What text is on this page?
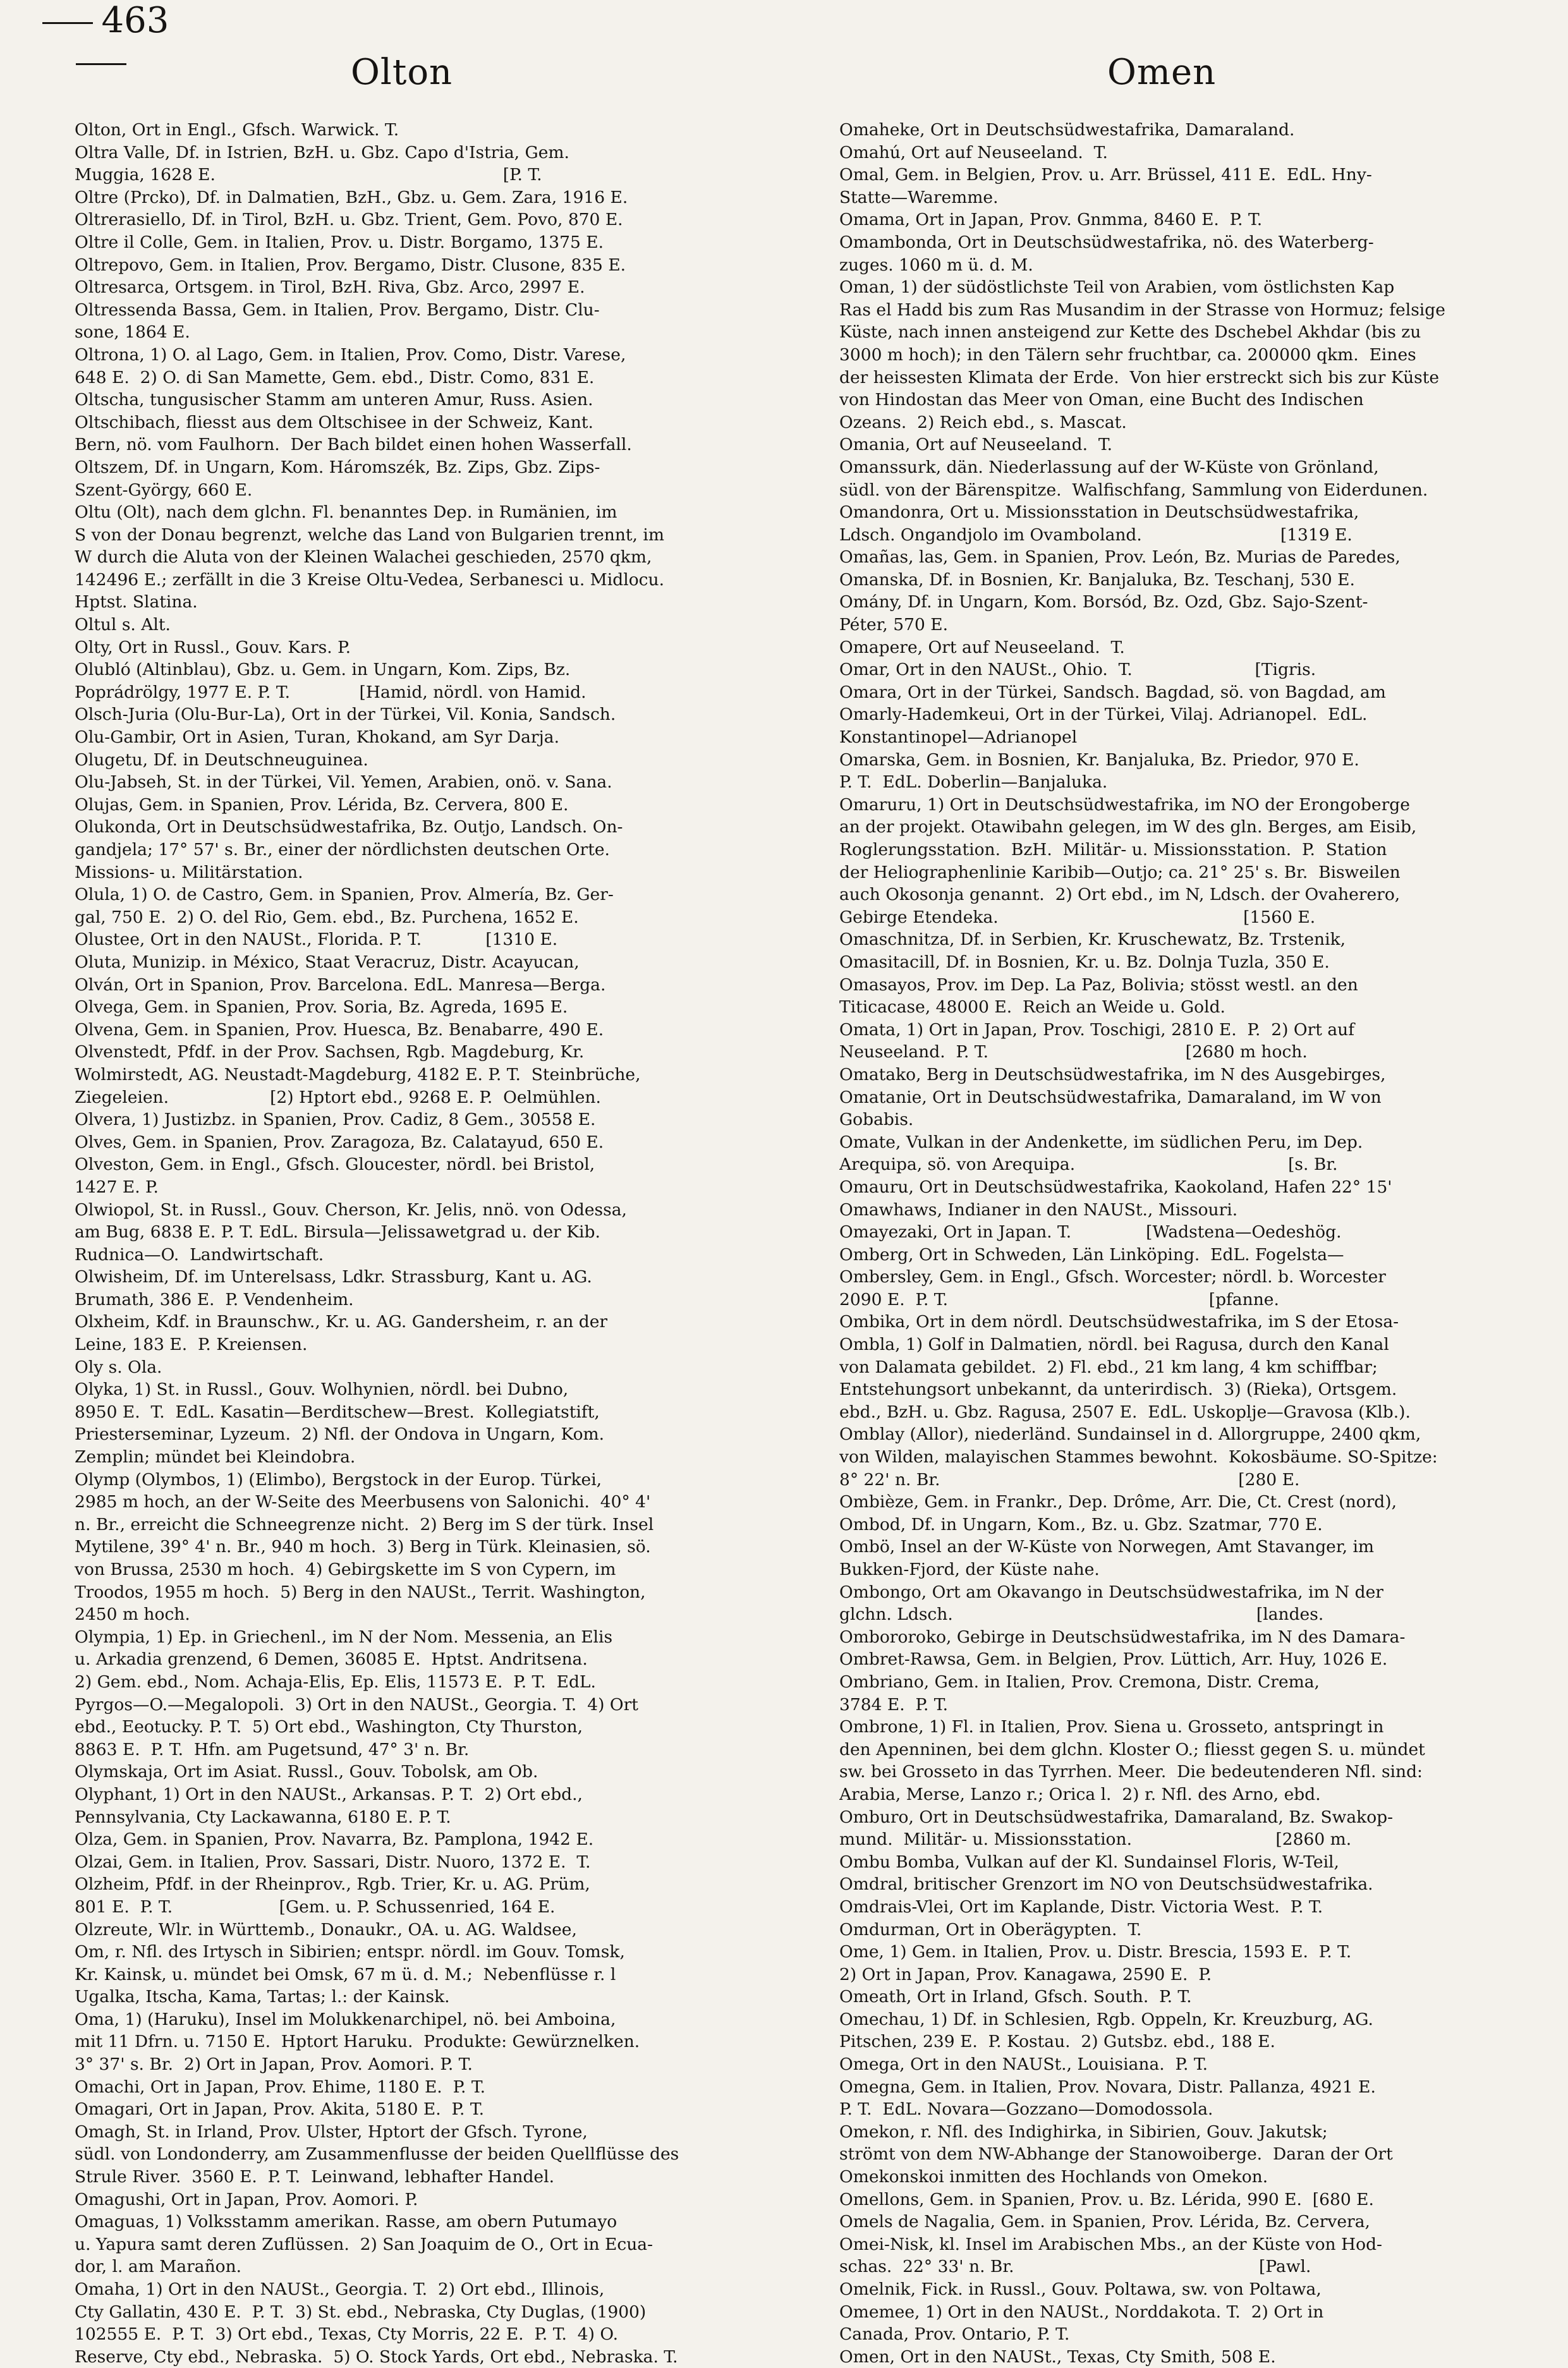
Olton
463
Omen
Olton, Ort in Engl., Gfsch. Warwick. T.
Oltra Valle, Df. in Istrien, BzH. u. Gbz. Capo d'Istria, Gem.
Muggia, 1628 E.                                                      [P. T.
Oltre (Prcko), Df. in Dalmatien, BzH., Gbz. u. Gem. Zara, 1916 E.
Oltrerasiello, Df. in Tirol, BzH. u. Gbz. Trient, Gem. Povo, 870 E.
Oltre il Colle, Gem. in Italien, Prov. u. Distr. Borgamo, 1375 E.
Oltrepovo, Gem. in Italien, Prov. Bergamo, Distr. Clusone, 835 E.
Oltresarca, Ortsgem. in Tirol, BzH. Riva, Gbz. Arco, 2997 E.
Oltressenda Bassa, Gem. in Italien, Prov. Bergamo, Distr. Clu-
sone, 1864 E.
Oltrona, 1) O. al Lago, Gem. in Italien, Prov. Como, Distr. Varese,
648 E.  2) O. di San Mamette, Gem. ebd., Distr. Como, 831 E.
Oltscha, tungusischer Stamm am unteren Amur, Russ. Asien.
Oltschibach, fliesst aus dem Oltschisee in der Schweiz, Kant.
Bern, nö. vom Faulhorn.  Der Bach bildet einen hohen Wasserfall.
Oltszem, Df. in Ungarn, Kom. Háromszék, Bz. Zips, Gbz. Zips-
Szent-György, 660 E.
Oltu (Olt), nach dem glchn. Fl. benanntes Dep. in Rumänien, im
S von der Donau begrenzt, welche das Land von Bulgarien trennt, im
W durch die Aluta von der Kleinen Walachei geschieden, 2570 qkm,
142496 E.; zerfällt in die 3 Kreise Oltu-Vedea, Serbanesci u. Midlocu.
Hptst. Slatina.
Oltul s. Alt.
Olty, Ort in Russl., Gouv. Kars. P.
Olubló (Altinblau), Gbz. u. Gem. in Ungarn, Kom. Zips, Bz.
Poprádrölgy, 1977 E. P. T.             [Hamid, nördl. von Hamid.
Olsch-Juria (Olu-Bur-La), Ort in der Türkei, Vil. Konia, Sandsch.
Olu-Gambir, Ort in Asien, Turan, Khokand, am Syr Darja.
Olugetu, Df. in Deutschneuguinea.
Olu-Jabseh, St. in der Türkei, Vil. Yemen, Arabien, onö. v. Sana.
Olujas, Gem. in Spanien, Prov. Lérida, Bz. Cervera, 800 E.
Olukonda, Ort in Deutschsüdwestafrika, Bz. Outjo, Landsch. On-
gandjela; 17° 57' s. Br., einer der nördlichsten deutschen Orte.
Missions- u. Militärstation.
Olula, 1) O. de Castro, Gem. in Spanien, Prov. Almería, Bz. Ger-
gal, 750 E.  2) O. del Rio, Gem. ebd., Bz. Purchena, 1652 E.
Olustee, Ort in den NAUSt., Florida. P. T.            [1310 E.
Oluta, Munizip. in México, Staat Veracruz, Distr. Acayucan,
Olván, Ort in Spanion, Prov. Barcelona. EdL. Manresa—Berga.
Olvega, Gem. in Spanien, Prov. Soria, Bz. Agreda, 1695 E.
Olvena, Gem. in Spanien, Prov. Huesca, Bz. Benabarre, 490 E.
Olvenstedt, Pfdf. in der Prov. Sachsen, Rgb. Magdeburg, Kr.
Wolmirstedt, AG. Neustadt-Magdeburg, 4182 E. P. T.  Steinbrüche,
Ziegeleien.                   [2) Hptort ebd., 9268 E. P.  Oelmühlen.
Olvera, 1) Justizbz. in Spanien, Prov. Cadiz, 8 Gem., 30558 E.
Olves, Gem. in Spanien, Prov. Zaragoza, Bz. Calatayud, 650 E.
Olveston, Gem. in Engl., Gfsch. Gloucester, nördl. bei Bristol,
1427 E. P.
Olwiopol, St. in Russl., Gouv. Cherson, Kr. Jelis, nnö. von Odessa,
am Bug, 6838 E. P. T. EdL. Birsula—Jelissawetgrad u. der Kib.
Rudnica—O.  Landwirtschaft.
Olwisheim, Df. im Unterelsass, Ldkr. Strassburg, Kant u. AG.
Brumath, 386 E.  P. Vendenheim.
Olxheim, Kdf. in Braunschw., Kr. u. AG. Gandersheim, r. an der
Leine, 183 E.  P. Kreiensen.
Oly s. Ola.
Olyka, 1) St. in Russl., Gouv. Wolhynien, nördl. bei Dubno,
8950 E.  T.  EdL. Kasatin—Berditschew—Brest.  Kollegiatstift,
Priesterseminar, Lyzeum.  2) Nfl. der Ondova in Ungarn, Kom.
Zemplin; mündet bei Kleindobra.
Olymp (Olymbos, 1) (Elimbo), Bergstock in der Europ. Türkei,
2985 m hoch, an der W-Seite des Meerbusens von Salonichi.  40° 4'
n. Br., erreicht die Schneegrenze nicht.  2) Berg im S der türk. Insel
Mytilene, 39° 4' n. Br., 940 m hoch.  3) Berg in Türk. Kleinasien, sö.
von Brussa, 2530 m hoch.  4) Gebirgskette im S von Cypern, im
Troodos, 1955 m hoch.  5) Berg in den NAUSt., Territ. Washington,
2450 m hoch.
Olympia, 1) Ep. in Griechenl., im N der Nom. Messenia, an Elis
u. Arkadia grenzend, 6 Demen, 36085 E.  Hptst. Andritsena.
2) Gem. ebd., Nom. Achaja-Elis, Ep. Elis, 11573 E.  P. T.  EdL.
Pyrgos—O.—Megalopoli.  3) Ort in den NAUSt., Georgia. T.  4) Ort
ebd., Eeotucky. P. T.  5) Ort ebd., Washington, Cty Thurston,
8863 E.  P. T.  Hfn. am Pugetsund, 47° 3' n. Br.
Olymskaja, Ort im Asiat. Russl., Gouv. Tobolsk, am Ob.
Olyphant, 1) Ort in den NAUSt., Arkansas. P. T.  2) Ort ebd.,
Pennsylvania, Cty Lackawanna, 6180 E. P. T.
Olza, Gem. in Spanien, Prov. Navarra, Bz. Pamplona, 1942 E.
Olzai, Gem. in Italien, Prov. Sassari, Distr. Nuoro, 1372 E.  T.
Olzheim, Pfdf. in der Rheinprov., Rgb. Trier, Kr. u. AG. Prüm,
801 E.  P. T.                    [Gem. u. P. Schussenried, 164 E.
Olzreute, Wlr. in Württemb., Donaukr., OA. u. AG. Waldsee,
Om, r. Nfl. des Irtysch in Sibirien; entspr. nördl. im Gouv. Tomsk,
Kr. Kainsk, u. mündet bei Omsk, 67 m ü. d. M.;  Nebenflüsse r. l
Ugalka, Itscha, Kama, Tartas; l.: der Kainsk.
Oma, 1) (Haruku), Insel im Molukkenarchipel, nö. bei Amboina,
mit 11 Dfrn. u. 7150 E.  Hptort Haruku.  Produkte: Gewürznelken.
3° 37' s. Br.  2) Ort in Japan, Prov. Aomori. P. T.
Omachi, Ort in Japan, Prov. Ehime, 1180 E.  P. T.
Omagari, Ort in Japan, Prov. Akita, 5180 E.  P. T.
Omagh, St. in Irland, Prov. Ulster, Hptort der Gfsch. Tyrone,
südl. von Londonderry, am Zusammenflusse der beiden Quellflüsse des
Strule River.  3560 E.  P. T.  Leinwand, lebhafter Handel.
Omagushi, Ort in Japan, Prov. Aomori. P.
Omaguas, 1) Volksstamm amerikan. Rasse, am obern Putumayo
u. Yapura samt deren Zuflüssen.  2) San Joaquim de O., Ort in Ecua-
dor, l. am Marañon.
Omaha, 1) Ort in den NAUSt., Georgia. T.  2) Ort ebd., Illinois,
Cty Gallatin, 430 E.  P. T.  3) St. ebd., Nebraska, Cty Duglas, (1900)
102555 E.  P. T.  3) Ort ebd., Texas, Cty Morris, 22 E.  P. T.  4) O.
Reserve, Cty ebd., Nebraska.  5) O. Stock Yards, Ort ebd., Nebraska. T.
Omaheke, Ort in Deutschsüdwestafrika, Damaraland.
Omahú, Ort auf Neuseeland.  T.
Omal, Gem. in Belgien, Prov. u. Arr. Brüssel, 411 E.  EdL. Hny-
Statte—Waremme.
Omama, Ort in Japan, Prov. Gnmma, 8460 E.  P. T.
Omambonda, Ort in Deutschsüdwestafrika, nö. des Waterberg-
zuges. 1060 m ü. d. M.
Oman, 1) der südöstlichste Teil von Arabien, vom östlichsten Kap
Ras el Hadd bis zum Ras Musandim in der Strasse von Hormuz; felsige
Küste, nach innen ansteigend zur Kette des Dschebel Akhdar (bis zu
3000 m hoch); in den Tälern sehr fruchtbar, ca. 200000 qkm.  Eines
der heissesten Klimata der Erde.  Von hier erstreckt sich bis zur Küste
von Hindostan das Meer von Oman, eine Bucht des Indischen
Ozeans.  2) Reich ebd., s. Mascat.
Omania, Ort auf Neuseeland.  T.
Omanssurk, dän. Niederlassung auf der W-Küste von Grönland,
südl. von der Bärenspitze.  Walfischfang, Sammlung von Eiderdunen.
Omandonra, Ort u. Missionsstation in Deutschsüdwestafrika,
Ldsch. Ongandjolo im Ovamboland.                          [1319 E.
Omañas, las, Gem. in Spanien, Prov. León, Bz. Murias de Paredes,
Omanska, Df. in Bosnien, Kr. Banjaluka, Bz. Teschanj, 530 E.
Omány, Df. in Ungarn, Kom. Borsód, Bz. Ozd, Gbz. Sajo-Szent-
Péter, 570 E.
Omapere, Ort auf Neuseeland.  T.
Omar, Ort in den NAUSt., Ohio.  T.                       [Tigris.
Omara, Ort in der Türkei, Sandsch. Bagdad, sö. von Bagdad, am
Omarly-Hademkeui, Ort in der Türkei, Vilaj. Adrianopel.  EdL.
Konstantinopel—Adrianopel
Omarska, Gem. in Bosnien, Kr. Banjaluka, Bz. Priedor, 970 E.
P. T.  EdL. Doberlin—Banjaluka.
Omaruru, 1) Ort in Deutschsüdwestafrika, im NO der Erongoberge
an der projekt. Otawibahn gelegen, im W des gln. Berges, am Eisib,
Roglerungsstation.  BzH.  Militär- u. Missionsstation.  P.  Station
der Heliographenlinie Karibib—Outjo; ca. 21° 25' s. Br.  Bisweilen
auch Okosonja genannt.  2) Ort ebd., im N, Ldsch. der Ovaherero,
Gebirge Etendeka.                                              [1560 E.
Omaschnitza, Df. in Serbien, Kr. Kruschewatz, Bz. Trstenik,
Omasitacill, Df. in Bosnien, Kr. u. Bz. Dolnja Tuzla, 350 E.
Omasayos, Prov. im Dep. La Paz, Bolivia; stösst westl. an den
Titicacase, 48000 E.  Reich an Weide u. Gold.
Omata, 1) Ort in Japan, Prov. Toschigi, 2810 E.  P.  2) Ort auf
Neuseeland.  P. T.                                     [2680 m hoch.
Omatako, Berg in Deutschsüdwestafrika, im N des Ausgebirges,
Omatanie, Ort in Deutschsüdwestafrika, Damaraland, im W von
Gobabis.
Omate, Vulkan in der Andenkette, im südlichen Peru, im Dep.
Arequipa, sö. von Arequipa.                                        [s. Br.
Omauru, Ort in Deutschsüdwestafrika, Kaokoland, Hafen 22° 15'
Omawhaws, Indianer in den NAUSt., Missouri.
Omayezaki, Ort in Japan. T.              [Wadstena—Oedeshög.
Omberg, Ort in Schweden, Län Linköping.  EdL. Fogelsta—
Ombersley, Gem. in Engl., Gfsch. Worcester; nördl. b. Worcester
2090 E.  P. T.                                                 [pfanne.
Ombika, Ort in dem nördl. Deutschsüdwestafrika, im S der Etosa-
Ombla, 1) Golf in Dalmatien, nördl. bei Ragusa, durch den Kanal
von Dalamata gebildet.  2) Fl. ebd., 21 km lang, 4 km schiffbar;
Entstehungsort unbekannt, da unterirdisch.  3) (Rieka), Ortsgem.
ebd., BzH. u. Gbz. Ragusa, 2507 E.  EdL. Uskoplje—Gravosa (Klb.).
Omblay (Allor), niederländ. Sundainsel in d. Allorgruppe, 2400 qkm,
von Wilden, malayischen Stammes bewohnt.  Kokosbäume. SO-Spitze:
8° 22' n. Br.                                                        [280 E.
Ombièze, Gem. in Frankr., Dep. Drôme, Arr. Die, Ct. Crest (nord),
Ombod, Df. in Ungarn, Kom., Bz. u. Gbz. Szatmar, 770 E.
Ombö, Insel an der W-Küste von Norwegen, Amt Stavanger, im
Bukken-Fjord, der Küste nahe.
Ombongo, Ort am Okavango in Deutschsüdwestafrika, im N der
glchn. Ldsch.                                                         [landes.
Ombororoko, Gebirge in Deutschsüdwestafrika, im N des Damara-
Ombret-Rawsa, Gem. in Belgien, Prov. Lüttich, Arr. Huy, 1026 E.
Ombriano, Gem. in Italien, Prov. Cremona, Distr. Crema,
3784 E.  P. T.
Ombrone, 1) Fl. in Italien, Prov. Siena u. Grosseto, antspringt in
den Apenninen, bei dem glchn. Kloster O.; fliesst gegen S. u. mündet
sw. bei Grosseto in das Tyrrhen. Meer.  Die bedeutenderen Nfl. sind:
Arabia, Merse, Lanzo r.; Orica l.  2) r. Nfl. des Arno, ebd.
Omburo, Ort in Deutschsüdwestafrika, Damaraland, Bz. Swakop-
mund.  Militär- u. Missionsstation.                           [2860 m.
Ombu Bomba, Vulkan auf der Kl. Sundainsel Floris, W-Teil,
Omdral, britischer Grenzort im NO von Deutschsüdwestafrika.
Omdrais-Vlei, Ort im Kaplande, Distr. Victoria West.  P. T.
Omdurman, Ort in Oberägypten.  T.
Ome, 1) Gem. in Italien, Prov. u. Distr. Brescia, 1593 E.  P. T.
2) Ort in Japan, Prov. Kanagawa, 2590 E.  P.
Omeath, Ort in Irland, Gfsch. South.  P. T.
Omechau, 1) Df. in Schlesien, Rgb. Oppeln, Kr. Kreuzburg, AG.
Pitschen, 239 E.  P. Kostau.  2) Gutsbz. ebd., 188 E.
Omega, Ort in den NAUSt., Louisiana.  P. T.
Omegna, Gem. in Italien, Prov. Novara, Distr. Pallanza, 4921 E.
P. T.  EdL. Novara—Gozzano—Domodossola.
Omekon, r. Nfl. des Indighirka, in Sibirien, Gouv. Jakutsk;
strömt von dem NW-Abhange der Stanowoiberge.  Daran der Ort
Omekonskoi inmitten des Hochlands von Omekon.
Omellons, Gem. in Spanien, Prov. u. Bz. Lérida, 990 E.  [680 E.
Omels de Nagalia, Gem. in Spanien, Prov. Lérida, Bz. Cervera,
Omei-Nisk, kl. Insel im Arabischen Mbs., an der Küste von Hod-
schas.  22° 33' n. Br.                                              [Pawl.
Omelnik, Fick. in Russl., Gouv. Poltawa, sw. von Poltawa,
Omemee, 1) Ort in den NAUSt., Norddakota. T.  2) Ort in
Canada, Prov. Ontario, P. T.
Omen, Ort in den NAUSt., Texas, Cty Smith, 508 E.
